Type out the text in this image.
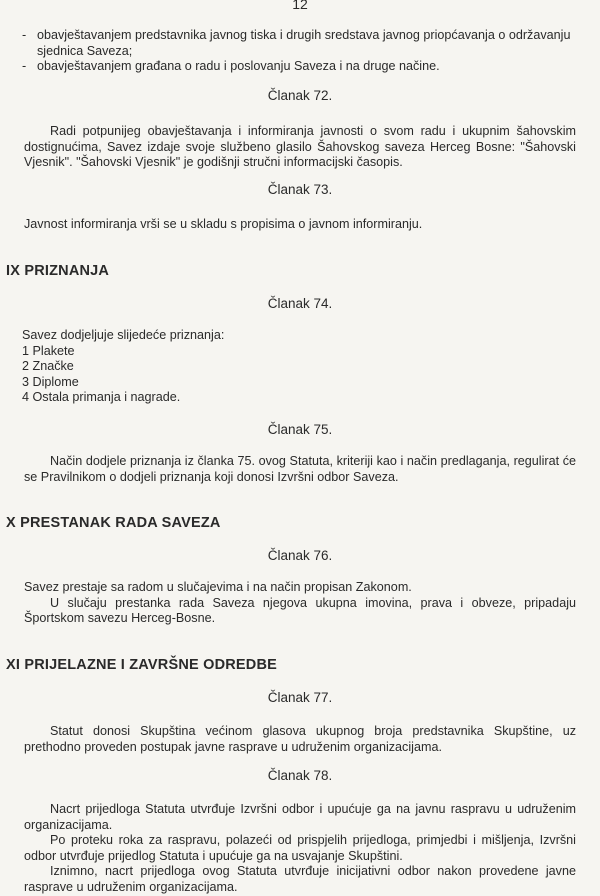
12
- obavještavanjem predstavnika javnog tiska i drugih sredstava javnog priopćavanja o održavanju sjednica Saveza;
- obavještavanjem građana o radu i poslovanju Saveza i na druge načine.
Članak 72.

Radi potpunijeg obavještavanja i informiranja javnosti o svom radu i ukupnim šahovskim dostignućima, Savez izdaje svoje službeno glasilo Šahovskog saveza Herceg Bosne: "Šahovski Vjesnik". "Šahovski Vjesnik" je godišnji stručni informacijski časopis.

Članak 73.

Javnost informiranja vrši se u skladu s propisima o javnom informiranju.

IX PRIZNANJA
Članak 74.
Savez dodjeljuje slijedeće priznanja:
1 Plakete
2 Značke
3 Diplome
4 Ostala primanja i nagrade.
Članak 75.

Način dodjele priznanja iz članka 75. ovog Statuta, kriteriji kao i način predlaganja, regulirat će se Pravilnikom o dodjeli priznanja koji donosi Izvršni odbor Saveza.

X PRESTANAK RADA SAVEZA
Članak 76.

Savez prestaje sa radom u slučajevima i na način propisan Zakonom.

U slučaju prestanka rada Saveza njegova ukupna imovina, prava i obveze, pripadaju Športskom savezu Herceg-Bosne.

XI PRIJELAZNE I ZAVRŠNE ODREDBE
Članak 77.

Statut donosi Skupština većinom glasova ukupnog broja predstavnika Skupštine, uz prethodno proveden postupak javne rasprave u udruženim organizacijama.

Članak 78.

Nacrt prijedloga Statuta utvrđuje Izvršni odbor i upućuje ga na javnu raspravu u udruženim organizacijama.

Po proteku roka za raspravu, polazeći od prispjelih prijedloga, primjedbi i mišljenja, Izvršni odbor utvrđuje prijedlog Statuta i upućuje ga na usvajanje Skupštini.

Iznimno, nacrt prijedloga ovog Statuta utvrđuje inicijativni odbor nakon provedene javne rasprave u udruženim organizacijama.
